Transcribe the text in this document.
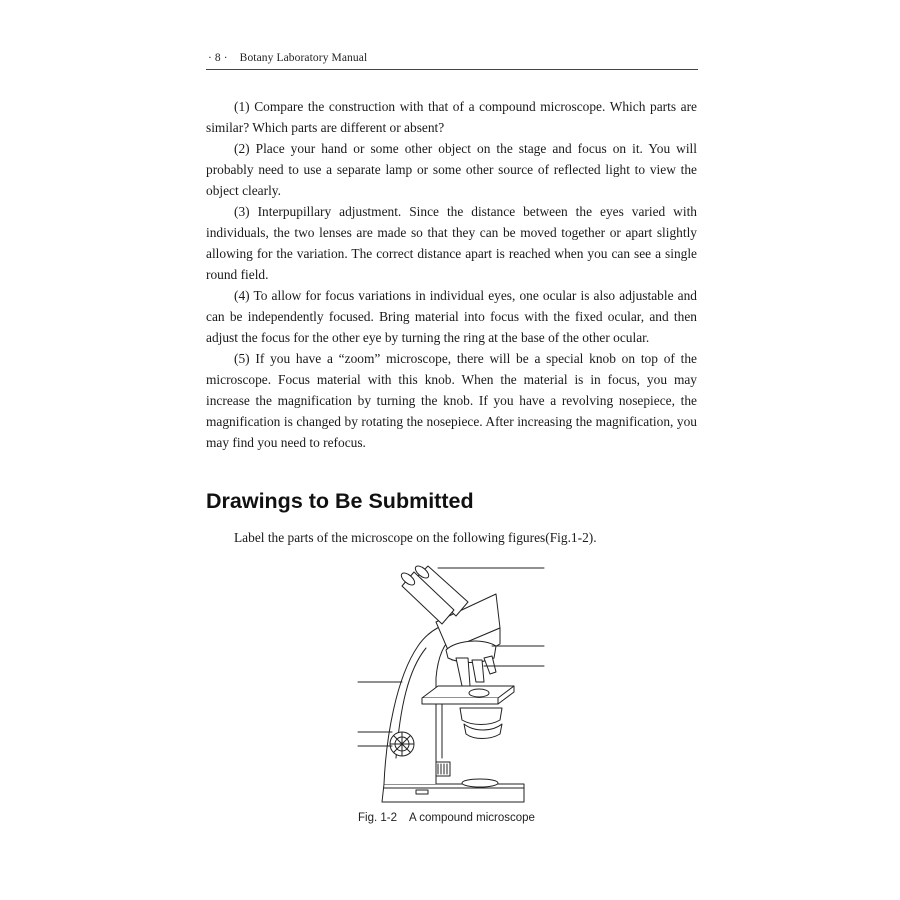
· 8 · Botany Laboratory Manual

(1) Compare the construction with that of a compound microscope. Which parts are similar? Which parts are different or absent?

(2) Place your hand or some other object on the stage and focus on it. You will probably need to use a separate lamp or some other source of reflected light to view the object clearly.

(3) Interpupillary adjustment. Since the distance between the eyes varied with individuals, the two lenses are made so that they can be moved together or apart slightly allowing for the variation. The correct distance apart is reached when you can see a single round field.

(4) To allow for focus variations in individual eyes, one ocular is also adjustable and can be independently focused. Bring material into focus with the fixed ocular, and then adjust the focus for the other eye by turning the ring at the base of the other ocular.

(5) If you have a “zoom” microscope, there will be a special knob on top of the microscope. Focus material with this knob. When the material is in focus, you may increase the magnification by turning the knob. If you have a revolving nosepiece, the magnification is changed by rotating the nosepiece. After increasing the magnification, you may find you need to refocus.

Drawings to Be Submitted

Label the parts of the microscope on the following figures(Fig.1-2).

Fig. 1-2 A compound microscope
